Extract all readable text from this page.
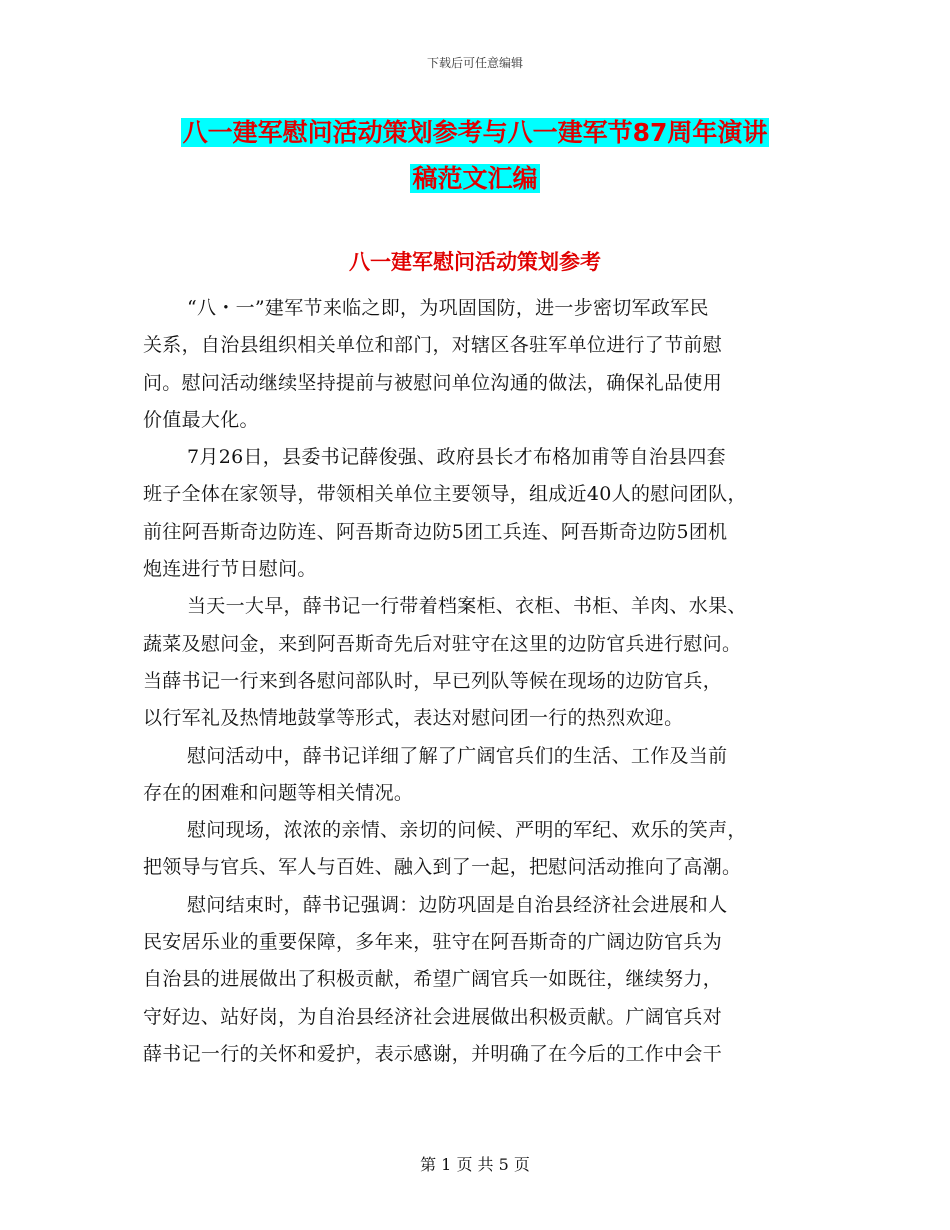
下载后可任意编辑
八一建军慰问活动策划参考与八一建军节87周年演讲
稿范文汇编
八一建军慰问活动策划参考
“八・一”建军节来临之即，为巩固国防，进一步密切军政军民
关系，自治县组织相关单位和部门，对辖区各驻军单位进行了节前慰
问。慰问活动继续坚持提前与被慰问单位沟通的做法，确保礼品使用
价值最大化。
7月26日，县委书记薛俊强、政府县长才布格加甫等自治县四套
班子全体在家领导，带领相关单位主要领导，组成近40人的慰问团队，
前往阿吾斯奇边防连、阿吾斯奇边防5团工兵连、阿吾斯奇边防5团机
炮连进行节日慰问。
当天一大早，薛书记一行带着档案柜、衣柜、书柜、羊肉、水果、
蔬菜及慰问金，来到阿吾斯奇先后对驻守在这里的边防官兵进行慰问。
当薛书记一行来到各慰问部队时，早已列队等候在现场的边防官兵，
以行军礼及热情地鼓掌等形式，表达对慰问团一行的热烈欢迎。
慰问活动中，薛书记详细了解了广阔官兵们的生活、工作及当前
存在的困难和问题等相关情况。
慰问现场，浓浓的亲情、亲切的问候、严明的军纪、欢乐的笑声，
把领导与官兵、军人与百姓、融入到了一起，把慰问活动推向了高潮。
慰问结束时，薛书记强调：边防巩固是自治县经济社会进展和人
民安居乐业的重要保障，多年来，驻守在阿吾斯奇的广阔边防官兵为
自治县的进展做出了积极贡献，希望广阔官兵一如既往，继续努力，
守好边、站好岗，为自治县经济社会进展做出积极贡献。广阔官兵对
薛书记一行的关怀和爱护，表示感谢，并明确了在今后的工作中会干
第 1 页 共 5 页
